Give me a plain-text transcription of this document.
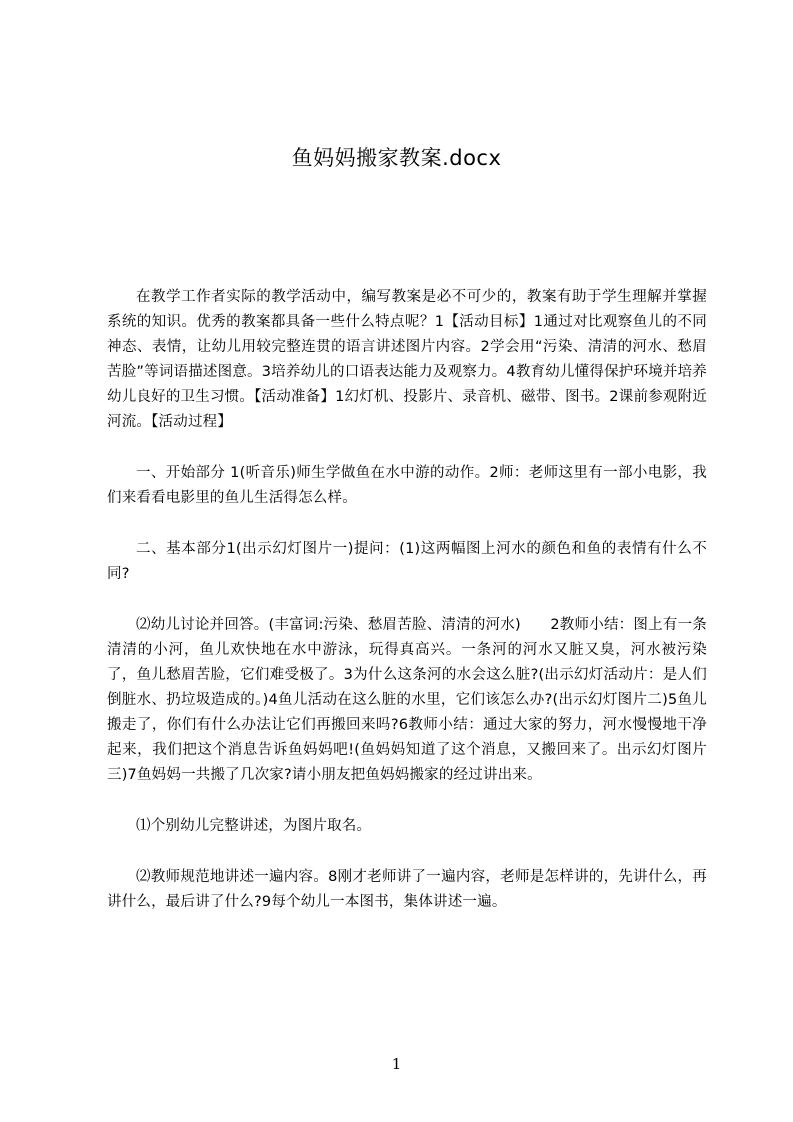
鱼妈妈搬家教案.docx

在教学工作者实际的教学活动中，编写教案是必不可少的，教案有助于学生理解并掌握系统的知识。优秀的教案都具备一些什么特点呢？1【活动目标】1通过对比观察鱼儿的不同神态、表情，让幼儿用较完整连贯的语言讲述图片内容。2学会用“污染、清清的河水、愁眉苦脸”等词语描述图意。3培养幼儿的口语表达能力及观察力。4教育幼儿懂得保护环境并培养幼儿良好的卫生习惯。【活动准备】1幻灯机、投影片、录音机、磁带、图书。2课前参观附近河流。【活动过程】

一、开始部分 1(听音乐)师生学做鱼在水中游的动作。2师：老师这里有一部小电影，我们来看看电影里的鱼儿生活得怎么样。

二、基本部分1(出示幻灯图片一)提问：(1)这两幅图上河水的颜色和鱼的表情有什么不同?

⑵幼儿讨论并回答。(丰富词:污染、愁眉苦脸、清清的河水)　　2教师小结：图上有一条清清的小河，鱼儿欢快地在水中游泳，玩得真高兴。一条河的河水又脏又臭，河水被污染了，鱼儿愁眉苦脸，它们难受极了。3为什么这条河的水会这么脏?(出示幻灯活动片：是人们倒脏水、扔垃圾造成的。)4鱼儿活动在这么脏的水里，它们该怎么办?(出示幻灯图片二)5鱼儿搬走了，你们有什么办法让它们再搬回来吗?6教师小结：通过大家的努力，河水慢慢地干净起来，我们把这个消息告诉鱼妈妈吧!(鱼妈妈知道了这个消息，又搬回来了。出示幻灯图片三)7鱼妈妈一共搬了几次家?请小朋友把鱼妈妈搬家的经过讲出来。

⑴个别幼儿完整讲述，为图片取名。

⑵教师规范地讲述一遍内容。8刚才老师讲了一遍内容，老师是怎样讲的，先讲什么，再讲什么，最后讲了什么?9每个幼儿一本图书，集体讲述一遍。

1
